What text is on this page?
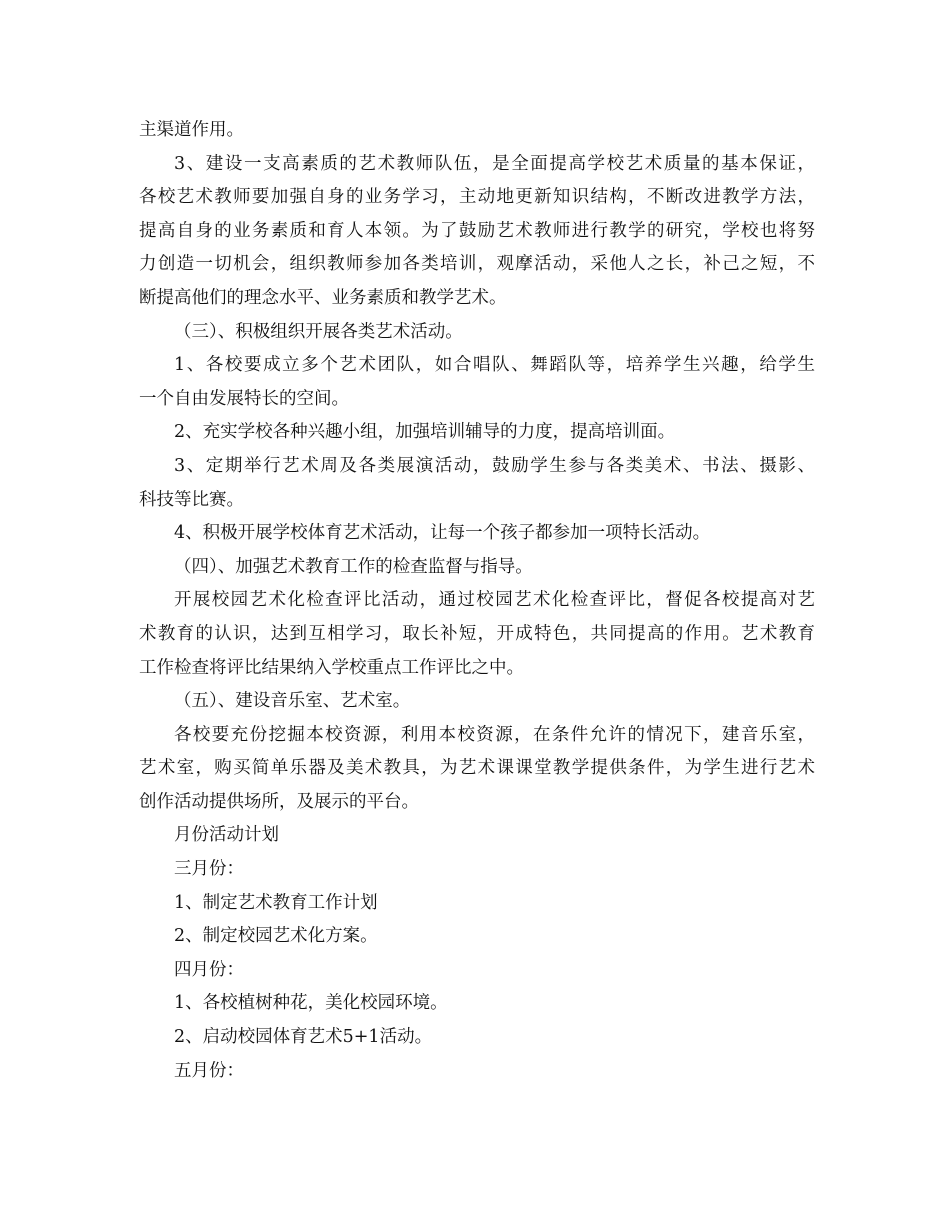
主渠道作用。
3、建设一支高素质的艺术教师队伍，是全面提高学校艺术质量的基本保证，
各校艺术教师要加强自身的业务学习，主动地更新知识结构，不断改进教学方法，
提高自身的业务素质和育人本领。为了鼓励艺术教师进行教学的研究，学校也将努
力创造一切机会，组织教师参加各类培训，观摩活动，采他人之长，补己之短，不
断提高他们的理念水平、业务素质和教学艺术。
（三）、积极组织开展各类艺术活动。
1、各校要成立多个艺术团队，如合唱队、舞蹈队等，培养学生兴趣，给学生
一个自由发展特长的空间。
2、充实学校各种兴趣小组，加强培训辅导的力度，提高培训面。
3、定期举行艺术周及各类展演活动，鼓励学生参与各类美术、书法、摄影、
科技等比赛。
4、积极开展学校体育艺术活动，让每一个孩子都参加一项特长活动。
（四）、加强艺术教育工作的检查监督与指导。
开展校园艺术化检查评比活动，通过校园艺术化检查评比，督促各校提高对艺
术教育的认识，达到互相学习，取长补短，开成特色，共同提高的作用。艺术教育
工作检查将评比结果纳入学校重点工作评比之中。
（五）、建设音乐室、艺术室。
各校要充份挖掘本校资源，利用本校资源，在条件允许的情况下，建音乐室，
艺术室，购买简单乐器及美术教具，为艺术课课堂教学提供条件，为学生进行艺术
创作活动提供场所，及展示的平台。
月份活动计划
三月份：
1、制定艺术教育工作计划
2、制定校园艺术化方案。
四月份：
1、各校植树种花，美化校园环境。
2、启动校园体育艺术5+1活动。
五月份：
